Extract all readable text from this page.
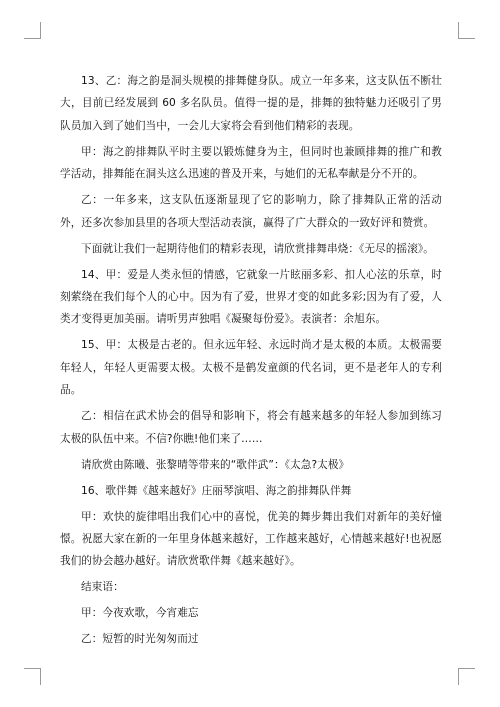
13、乙：海之韵是洞头规模的排舞健身队。成立一年多来，这支队伍不断壮大，目前已经发展到 60 多名队员。值得一提的是，排舞的独特魅力还吸引了男队员加入到了她们当中，一会儿大家将会看到他们精彩的表现。

甲：海之韵排舞队平时主要以锻炼健身为主，但同时也兼顾排舞的推广和教学活动，排舞能在洞头这么迅速的普及开来，与她们的无私奉献是分不开的。

乙：一年多来，这支队伍逐渐显现了它的影响力，除了排舞队正常的活动外，还多次参加县里的各项大型活动表演，赢得了广大群众的一致好评和赞赏。

下面就让我们一起期待他们的精彩表现，请欣赏排舞串烧：《无尽的摇滚》。

14、甲：爱是人类永恒的情感，它就象一片眩丽多彩、扣人心泫的乐章，时刻萦绕在我们每个人的心中。因为有了爱，世界才变的如此多彩;因为有了爱，人类才变得更加美丽。请听男声独唱《凝聚每份爱》。表演者：余旭东。

15、甲：太极是古老的。但永远年轻、永远时尚才是太极的本质。太极需要年轻人，年轻人更需要太极。太极不是鹤发童颜的代名词，更不是老年人的专利品。

乙：相信在武术协会的倡导和影响下，将会有越来越多的年轻人参加到练习太极的队伍中来。不信?你瞧!他们来了……

请欣赏由陈曦、张黎晴等带来的“歌伴武”：《太急?太极》

16、歌伴舞《越来越好》庄丽琴演唱、海之韵排舞队伴舞

甲：欢快的旋律唱出我们心中的喜悦，优美的舞步舞出我们对新年的美好憧憬。祝愿大家在新的一年里身体越来越好，工作越来越好，心情越来越好!也祝愿我们的协会越办越好。请欣赏歌伴舞《越来越好》。

结束语：

甲：今夜欢歌，今宵难忘

乙：短暂的时光匆匆而过
